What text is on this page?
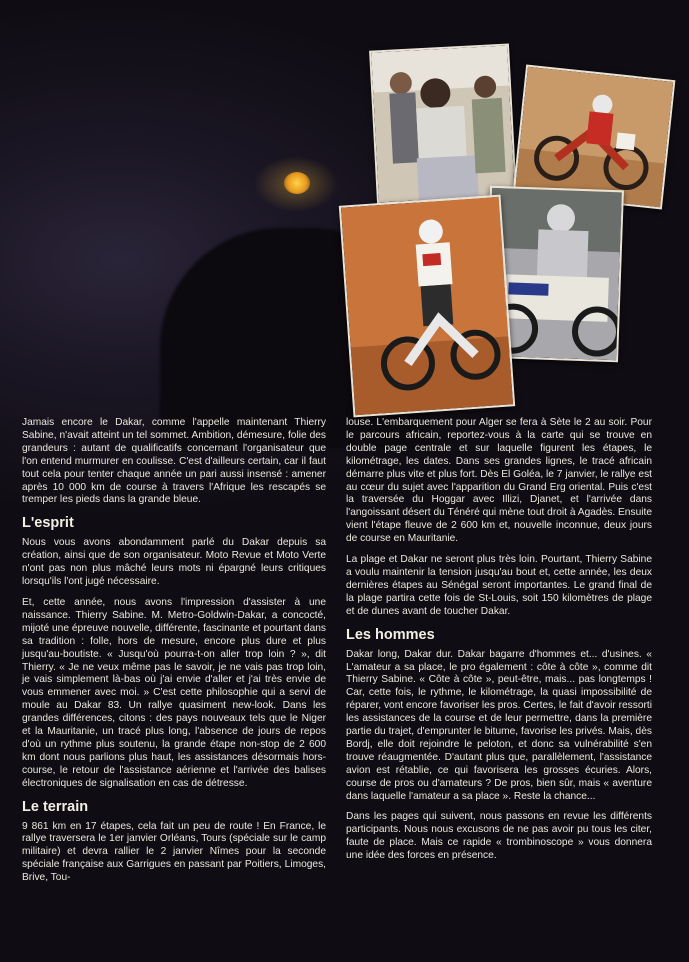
Jamais encore le Dakar, comme l'appelle maintenant Thierry Sabine, n'avait atteint un tel sommet. Ambition, démesure, folie des grandeurs : autant de qualificatifs concernant l'organisateur que l'on entend murmurer en coulisse. C'est d'ailleurs certain, car il faut tout cela pour tenter chaque année un pari aussi insensé : amener après 10 000 km de course à travers l'Afrique les rescapés se tremper les pieds dans la grande bleue.

L'esprit

Nous vous avons abondamment parlé du Dakar depuis sa création, ainsi que de son organisateur. Moto Revue et Moto Verte n'ont pas non plus mâché leurs mots ni épargné leurs critiques lorsqu'ils l'ont jugé nécessaire.

Et, cette année, nous avons l'impression d'assister à une naissance. Thierry Sabine. M. Metro-Goldwin-Dakar, a concocté, mijoté une épreuve nouvelle, différente, fascinante et pourtant dans sa tradition : folle, hors de mesure, encore plus dure et plus jusqu'au-boutiste. « Jusqu'où pourra-t-on aller trop loin ? », dit Thierry. « Je ne veux même pas le savoir, je ne vais pas trop loin, je vais simplement là-bas où j'ai envie d'aller et j'ai très envie de vous emmener avec moi. » C'est cette philosophie qui a servi de moule au Dakar 83. Un rallye quasiment new-look. Dans les grandes différences, citons : des pays nouveaux tels que le Niger et la Mauritanie, un tracé plus long, l'absence de jours de repos d'où un rythme plus soutenu, la grande étape non-stop de 2 600 km dont nous parlions plus haut, les assistances désormais hors-course, le retour de l'assistance aérienne et l'arrivée des balises électroniques de signalisation en cas de détresse.

Le terrain

9 861 km en 17 étapes, cela fait un peu de route ! En France, le rallye traversera le 1er janvier Orléans, Tours (spéciale sur le camp militaire) et devra rallier le 2 janvier Nîmes pour la seconde spéciale française aux Garrigues en passant par Poitiers, Limoges, Brive, Tou-

louse. L'embarquement pour Alger se fera à Sète le 2 au soir. Pour le parcours africain, reportez-vous à la carte qui se trouve en double page centrale et sur laquelle figurent les étapes, le kilométrage, les dates. Dans ses grandes lignes, le tracé africain démarre plus vite et plus fort. Dès El Goléa, le 7 janvier, le rallye est au cœur du sujet avec l'apparition du Grand Erg oriental. Puis c'est la traversée du Hoggar avec Illizi, Djanet, et l'arrivée dans l'angoissant désert du Ténéré qui mène tout droit à Agadès. Ensuite vient l'étape fleuve de 2 600 km et, nouvelle inconnue, deux jours de course en Mauritanie.

La plage et Dakar ne seront plus très loin. Pourtant, Thierry Sabine a voulu maintenir la tension jusqu'au bout et, cette année, les deux dernières étapes au Sénégal seront importantes. Le grand final de la plage partira cette fois de St-Louis, soit 150 kilomètres de plage et de dunes avant de toucher Dakar.

Les hommes

Dakar long, Dakar dur. Dakar bagarre d'hommes et... d'usines. « L'amateur a sa place, le pro également : côte à côte », comme dit Thierry Sabine. « Côte à côte », peut-être, mais... pas longtemps ! Car, cette fois, le rythme, le kilométrage, la quasi impossibilité de réparer, vont encore favoriser les pros. Certes, le fait d'avoir ressorti les assistances de la course et de leur permettre, dans la première partie du trajet, d'emprunter le bitume, favorise les privés. Mais, dès Bordj, elle doit rejoindre le peloton, et donc sa vulnérabilité s'en trouve réaugmentée. D'autant plus que, parallèlement, l'assistance avion est rétablie, ce qui favorisera les grosses écuries. Alors, course de pros ou d'amateurs ? De pros, bien sûr, mais « aventure dans laquelle l'amateur a sa place ». Reste la chance...

Dans les pages qui suivent, nous passons en revue les différents participants. Nous nous excusons de ne pas avoir pu tous les citer, faute de place. Mais ce rapide « trombinoscope » vous donnera une idée des forces en présence.
